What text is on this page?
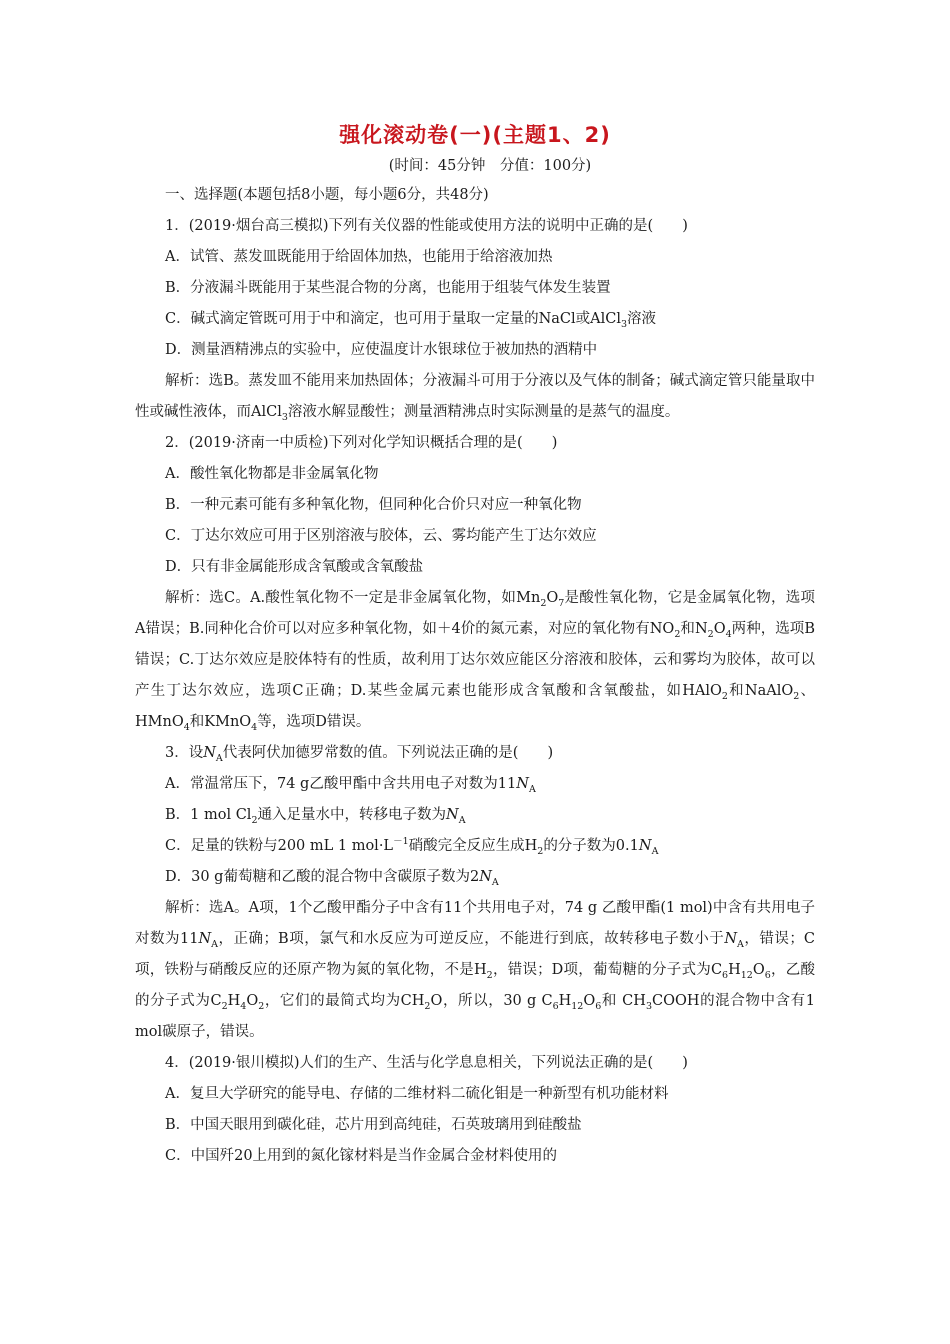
强化滚动卷(一)(主题1、2)
(时间：45分钟　分值：100分)
一、选择题(本题包括8小题，每小题6分，共48分)
1．(2019·烟台高三模拟)下列有关仪器的性能或使用方法的说明中正确的是(　　)
A．试管、蒸发皿既能用于给固体加热，也能用于给溶液加热
B．分液漏斗既能用于某些混合物的分离，也能用于组装气体发生装置
C．碱式滴定管既可用于中和滴定，也可用于量取一定量的NaCl或AlCl$_3$溶液
D．测量酒精沸点的实验中，应使温度计水银球位于被加热的酒精中
解析：选B。蒸发皿不能用来加热固体；分液漏斗可用于分液以及气体的制备；碱式滴定管只能量取中性或碱性液体，而AlCl$_3$溶液水解显酸性；测量酒精沸点时实际测量的是蒸气的温度。
2．(2019·济南一中质检)下列对化学知识概括合理的是(　　)
A．酸性氧化物都是非金属氧化物
B．一种元素可能有多种氧化物，但同种化合价只对应一种氧化物
C．丁达尔效应可用于区别溶液与胶体，云、雾均能产生丁达尔效应
D．只有非金属能形成含氧酸或含氧酸盐
解析：选C。A.酸性氧化物不一定是非金属氧化物，如$Mn_2O_7$是酸性氧化物，它是金属氧化物，选项A错误；B.同种化合价可以对应多种氧化物，如＋4价的氮元素，对应的氧化物有$NO_2$和$N_2O_4$两种，选项B错误；C.丁达尔效应是胶体特有的性质，故利用丁达尔效应能区分溶液和胶体，云和雾均为胶体，故可以产生丁达尔效应，选项C正确；D.某些金属元素也能形成含氧酸和含氧酸盐，如HAlO$_2$和NaAlO$_2$、HMnO$_4$和KMnO$_4$等，选项D错误。
3．设$N_A$代表阿伏加德罗常数的值。下列说法正确的是(　　)
A．常温常压下，74 g乙酸甲酯中含共用电子对数为$11N_A$
B．1 mol $Cl_2$通入足量水中，转移电子数为$N_A$
C．足量的铁粉与200 mL 1 $mol\cdot L^{-1}$硝酸完全反应生成$H_2$的分子数为$0.1N_A$
D．30 g葡萄糖和乙酸的混合物中含碳原子数为$2N_A$
解析：选A。A项，1个乙酸甲酯分子中含有11个共用电子对，74 g 乙酸甲酯(1 mol)中含有共用电子对数为$11N_A$，正确；B项，氯气和水反应为可逆反应，不能进行到底，故转移电子数小于$N_A$，错误；C项，铁粉与硝酸反应的还原产物为氮的氧化物，不是$H_2$，错误；D项，葡萄糖的分子式为$C_6H_{12}O_6$，乙酸的分子式为$C_2H_4O_2$，它们的最简式均为$CH_2O$，所以，30 g $C_6H_{12}O_6$和 $CH_3COOH$的混合物中含有1 mol碳原子，错误。
4．(2019·银川模拟)人们的生产、生活与化学息息相关，下列说法正确的是(　　)
A．复旦大学研究的能导电、存储的二维材料二硫化钼是一种新型有机功能材料
B．中国天眼用到碳化硅，芯片用到高纯硅，石英玻璃用到硅酸盐
C．中国歼20上用到的氮化镓材料是当作金属合金材料使用的
